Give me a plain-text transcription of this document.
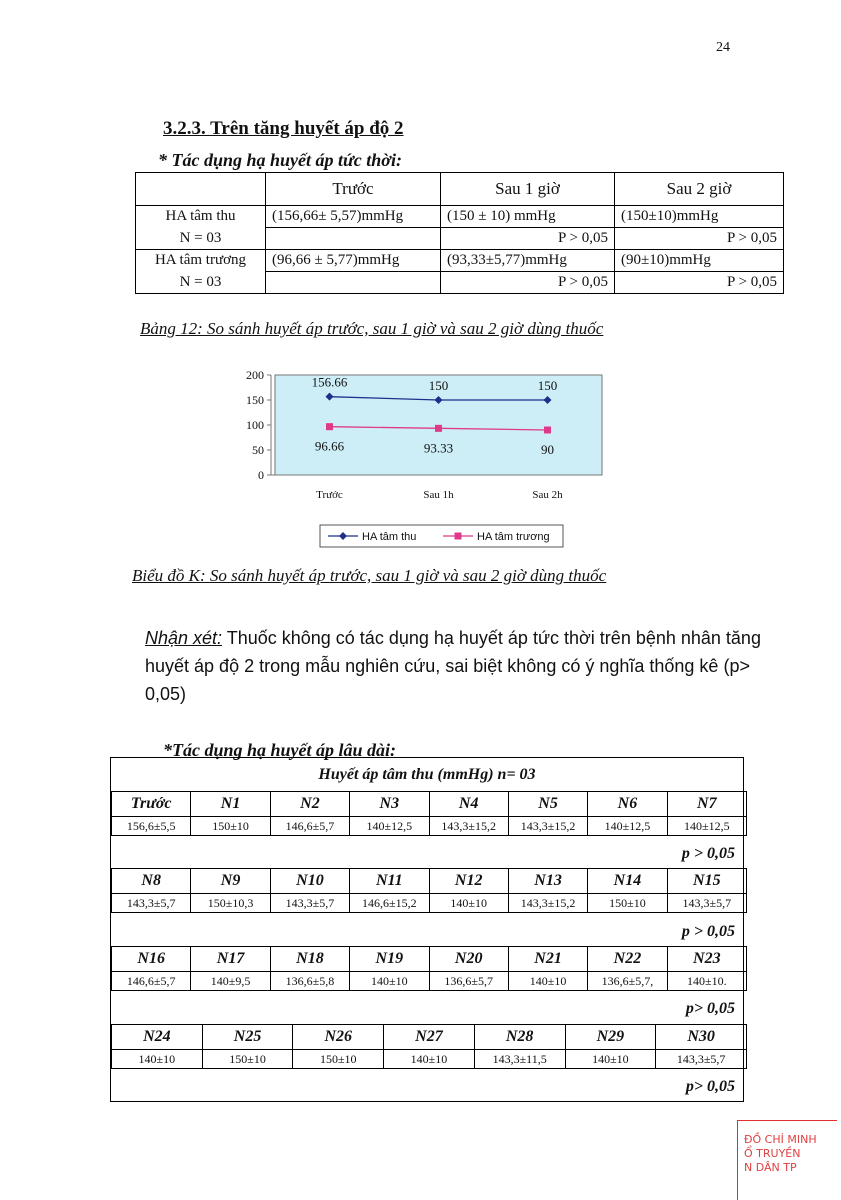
24
3.2.3. Trên tăng huyết áp độ 2
* Tác dụng hạ huyết áp tức thời:
	Trước	Sau 1 giờ	Sau 2 giờ
HA tâm thu	(156,66± 5,57)mmHg	(150 ± 10) mmHg	(150±10)mmHg
N = 03		P > 0,05	P > 0,05
HA tâm trương	(96,66 ± 5,77)mmHg	(93,33±5,77)mmHg	(90±10)mmHg
N = 03		P > 0,05	P > 0,05
Bảng 12: So sánh huyết áp trước, sau 1 giờ và sau 2 giờ dùng thuốc
0
50
100
150
200
Trước	Sau 1h	Sau 2h
156.66	150	150
96.66	93.33	90
HA tâm thu	HA tâm trương
Biểu đồ K: So sánh huyết áp trước, sau 1 giờ và sau 2 giờ dùng thuốc
Nhận xét: Thuốc không có tác dụng hạ huyết áp tức thời trên bệnh nhân tăng huyết áp độ 2 trong mẫu nghiên cứu, sai biệt không có ý nghĩa thống kê (p> 0,05)
*Tác dụng hạ huyết áp lâu dài:
Huyết áp tâm thu (mmHg) n= 03
Trước	N1	N2	N3	N4	N5	N6	N7
156,6±5,5	150±10	146,6±5,7	140±12,5	143,3±15,2	143,3±15,2	140±12,5	140±12,5
p > 0,05
N8	N9	N10	N11	N12	N13	N14	N15
143,3±5,7	150±10,3	143,3±5,7	146,6±15,2	140±10	143,3±15,2	150±10	143,3±5,7
p > 0,05
N16	N17	N18	N19	N20	N21	N22	N23
146,6±5,7	140±9,5	136,6±5,8	140±10	136,6±5,7	140±10	136,6±5,7,	140±10.
p> 0,05
N24	N25	N26	N27	N28	N29	N30
140±10	150±10	150±10	140±10	143,3±11,5	140±10	143,3±5,7
p> 0,05
ĐỒ CHÍ MINH
Ổ TRUYỀN
N DÂN TP
